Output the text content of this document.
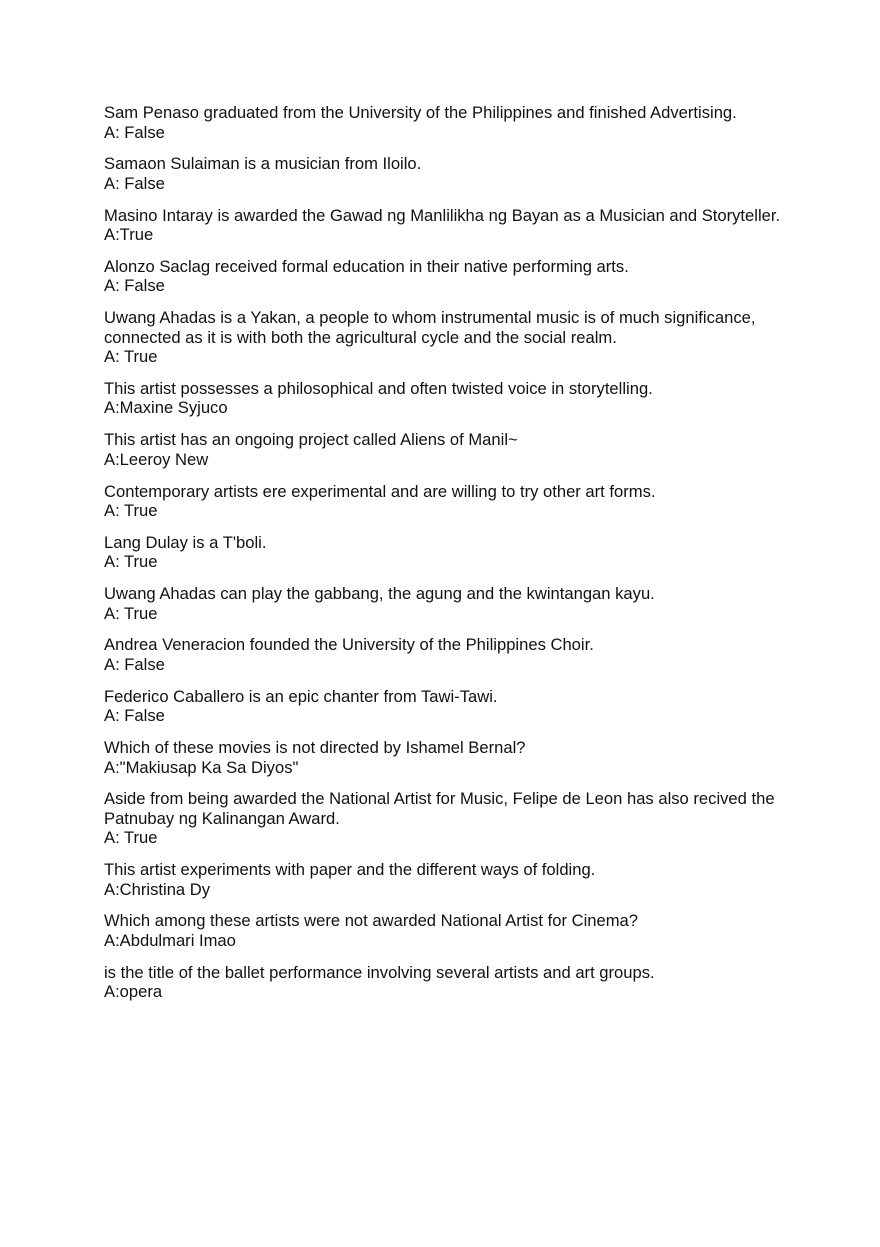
Sam Penaso graduated from the University of the Philippines and finished Advertising.
A: False
Samaon Sulaiman is a musician from Iloilo.
A: False
Masino Intaray is awarded the Gawad ng Manlilikha ng Bayan as a Musician and Storyteller.
A:True
Alonzo Saclag received formal education in their native performing arts.
A: False
Uwang Ahadas is a Yakan, a people to whom instrumental music is of much significance, connected as it is with both the agricultural cycle and the social realm.
A: True
This artist possesses a philosophical and often twisted voice in storytelling.
A:Maxine Syjuco
This artist has an ongoing project called Aliens of Manil~
A:Leeroy New
Contemporary artists ere experimental and are willing to try other art forms.
A: True
Lang Dulay is a T'boli.
A: True
Uwang Ahadas can play the gabbang, the agung and the kwintangan kayu.
A: True
Andrea Veneracion founded the University of the Philippines Choir.
A: False
Federico Caballero is an epic chanter from Tawi-Tawi.
A: False
Which of these movies is not directed by Ishamel Bernal?
A:"Makiusap Ka Sa Diyos"
Aside from being awarded the National Artist for Music, Felipe de Leon has also recived the Patnubay ng Kalinangan Award.
A: True
This artist experiments with paper and the different ways of folding.
A:Christina Dy
Which among these artists were not awarded National Artist for Cinema?
A:Abdulmari Imao
is the title of the ballet performance involving several artists and art groups.
A:opera
